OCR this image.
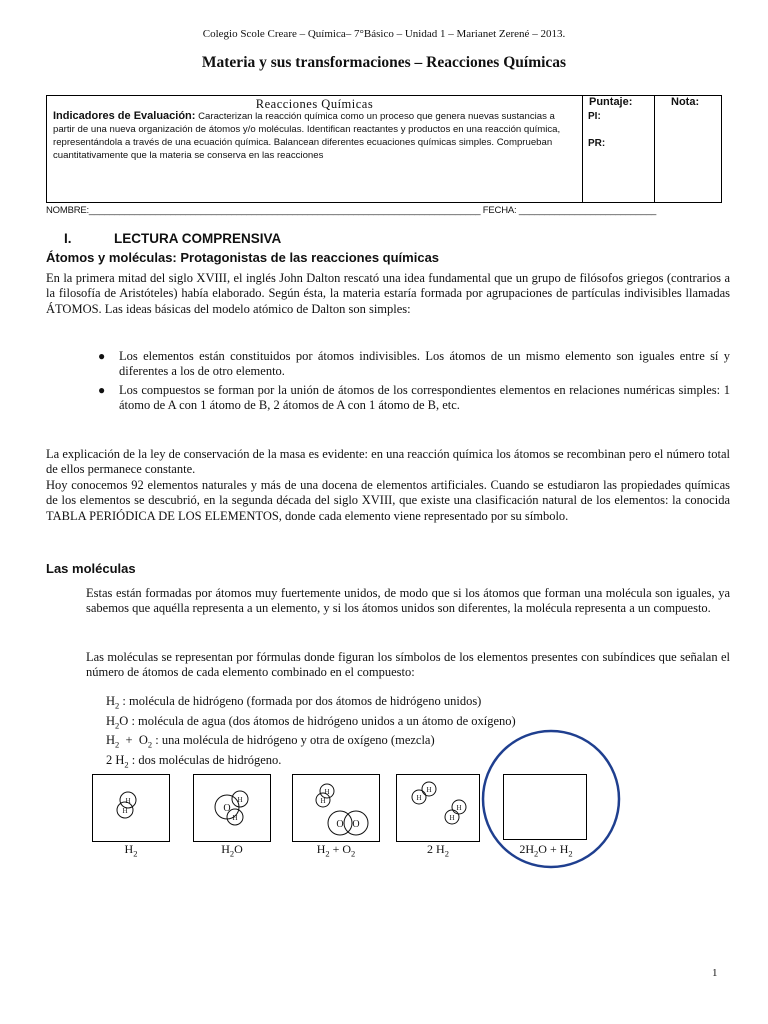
Colegio Scole Creare – Química– 7°Básico – Unidad 1 – Marianet Zerené – 2013.
Materia y sus transformaciones – Reacciones Químicas
Reacciones Químicas
Indicadores de Evaluación: Caracterizan la reacción química como un proceso que genera nuevas sustancias a partir de una nueva organización de átomos y/o moléculas. Identifican reactantes y productos en una reacción química, representándola a través de una ecuación química. Balancean diferentes ecuaciones químicas simples. Comprueban cuantitativamente que la materia se conserva en las reacciones
Puntaje:
PI:
PR:
Nota:
NOMBRE:_____________________________________________________________________________ FECHA: ___________________________
I.	LECTURA COMPRENSIVA
Átomos y moléculas: Protagonistas de las reacciones químicas
En la primera mitad del siglo XVIII, el inglés John Dalton rescató una idea fundamental que un grupo de filósofos griegos (contrarios a la filosofía de Aristóteles) había elaborado. Según ésta, la materia estaría formada por agrupaciones de partículas indivisibles llamadas ÁTOMOS. Las ideas básicas del modelo atómico de Dalton son simples:
● Los elementos están constituidos por átomos indivisibles. Los átomos de un mismo elemento son iguales entre sí y diferentes a los de otro elemento.
● Los compuestos se forman por la unión de átomos de los correspondientes elementos en relaciones numéricas simples: 1 átomo de A con 1 átomo de B, 2 átomos de A con 1 átomo de B, etc.
La explicación de la ley de conservación de la masa es evidente: en una reacción química los átomos se recombinan pero el número total de ellos permanece constante.
Hoy conocemos 92 elementos naturales y más de una docena de elementos artificiales. Cuando se estudiaron las propiedades químicas de los elementos se descubrió, en la segunda década del siglo XVIII, que existe una clasificación natural de los elementos: la conocida TABLA PERIÓDICA DE LOS ELEMENTOS, donde cada elemento viene representado por su símbolo.
Las moléculas
Estas están formadas por átomos muy fuertemente unidos, de modo que si los átomos que forman una molécula son iguales, ya sabemos que aquélla representa a un elemento, y si los átomos unidos son diferentes, la molécula representa a un compuesto.
Las moléculas se representan por fórmulas donde figuran los símbolos de los elementos presentes con subíndices que señalan el número de átomos de cada elemento combinado en el compuesto:
$H_2$ : molécula de hidrógeno (formada por dos átomos de hidrógeno unidos)
$H_2O$ : molécula de agua (dos átomos de hidrógeno unidos a un átomo de oxígeno)
$H_2 + O_2$ : una molécula de hidrógeno y otra de oxígeno (mezcla)
2 $H_2$ : dos moléculas de hidrógeno.
H
H	O
H
H
H
H
O O
H
H
H
H
$H_2$	$H_2O$	$H_2 + O_2$	2 $H_2$	$2H_2O + H_2$
1
